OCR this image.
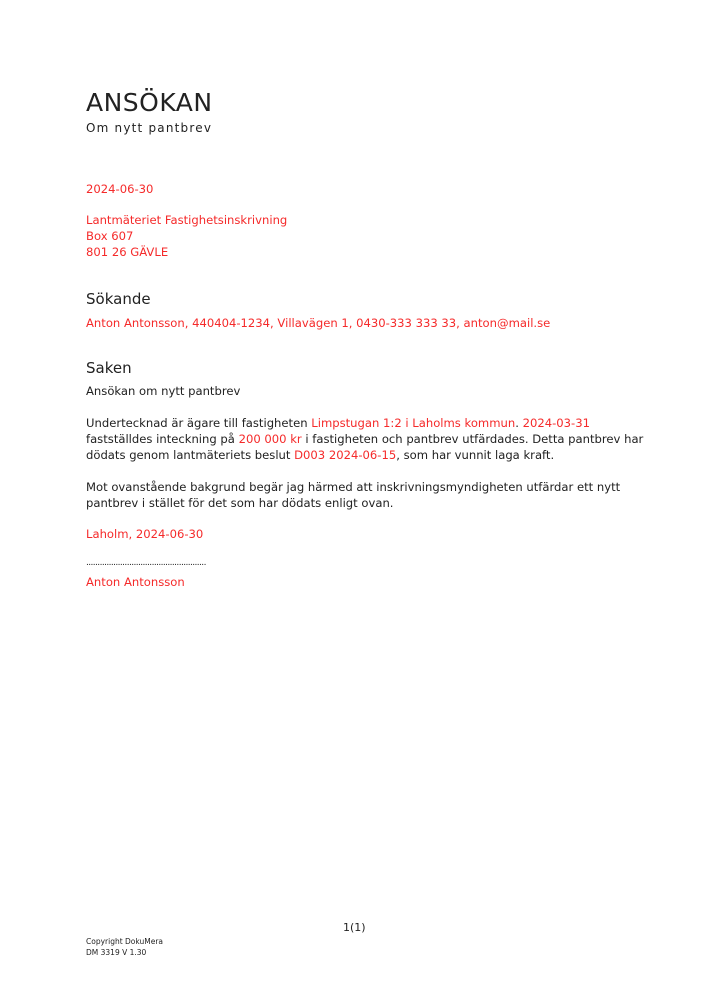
ANSÖKAN
Om nytt pantbrev
2024-06-30
Lantmäteriet Fastighetsinskrivning
Box 607
801 26 GÄVLE
Sökande
Anton Antonsson, 440404-1234, Villavägen 1, 0430-333 333 33, anton@mail.se
Saken
Ansökan om nytt pantbrev
Undertecknad är ägare till fastigheten Limpstugan 1:2 i Laholms kommun. 2024-03-31
fastställdes inteckning på 200 000 kr i fastigheten och pantbrev utfärdades. Detta pantbrev har
dödats genom lantmäteriets beslut D003 2024-06-15, som har vunnit laga kraft.
Mot ovanstående bakgrund begär jag härmed att inskrivningsmyndigheten utfärdar ett nytt
pantbrev i stället för det som har dödats enligt ovan.
Laholm, 2024-06-30
.....................................................
Anton Antonsson
1(1)
Copyright DokuMera
DM 3319 V 1.30
